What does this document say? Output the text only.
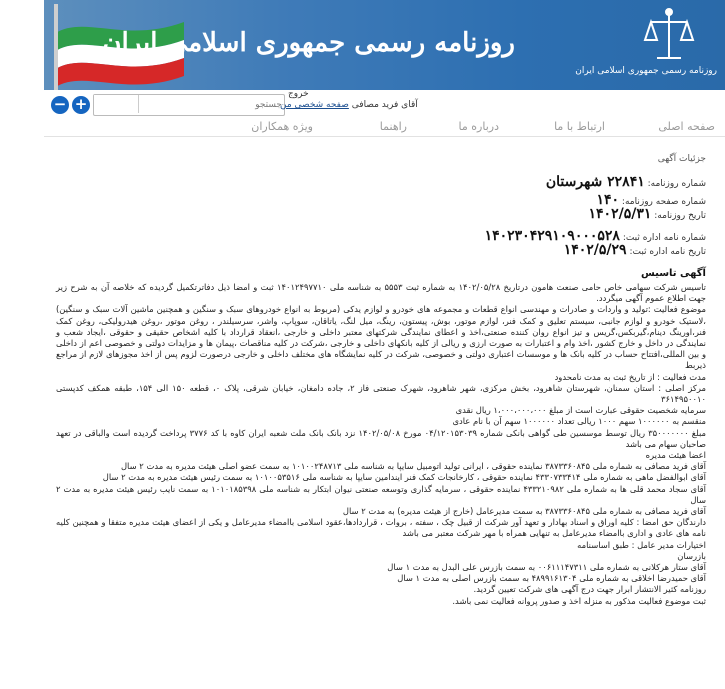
روزنامه رسمی جمهوری اسلامی ایران
روزنامه رسمی جمهوری اسلامی ایران
− +
جستجو
خروج
آقای فرید مصافی صفحه شخصی من
صفحه اصلی
ارتباط با ما
درباره ما
راهنما
ویژه همکاران
جزئیات آگهی
شماره روزنامه: ۲۲۸۴۱ شهرستان
شماره صفحه روزنامه: ۱۴۰
تاریخ روزنامه: ۱۴۰۲/۵/۳۱
شماره نامه اداره ثبت: ۱۴۰۲۳۰۴۲۹۱۰۹۰۰۰۵۲۸
تاریخ نامه اداره ثبت: ۱۴۰۲/۵/۲۹
آگهی تاسیس

تاسیس شرکت سهامی خاص حامی صنعت هامون درتاریخ ۱۴۰۲/۰۵/۲۸ به شماره ثبت ۵۵۵۳ به شناسه ملی ۱۴۰۱۲۴۹۷۷۱۰ ثبت و امضا ذیل دفاترتکمیل گردیده که خلاصه آن به شرح زیر جهت اطلاع عموم آگهی میگردد.

موضوع فعالیت :تولید و واردات و صادرات و مهندسی انواع قطعات و مجموعه های خودرو و لوازم یدکی (مربوط به انواع خودروهای سبک و سنگین و همچنین ماشین آلات سبک و سنگین) ،لاستیک خودرو و لوازم جانبی، سیستم تعلیق و کمک فنر، لوازم موتور، بوش، پیستون، رینگ، میل لنگ، یاتاقان، سوپاپ، واشر، سرسیلندر ، روغن موتور ،روغن هیدرولیکی، روغن کمک فنر،اورینگ دینام،گیربکس،گریس و تیز انواع روان کننده صنعتی،اخذ و اعطای نمایندگی شرکتهای معتبر داخلی و خارجی ،انعقاد قرارداد با کلیه اشخاص حقیقی و حقوقی ،ایجاد شعب و نمایندگی در داخل و خارج کشور ،اخذ وام و اعتبارات به صورت ارزی و ریالی از کلیه بانکهای داخلی و خارجی ،شرکت در کلیه مناقصات ،پیمان ها و مزایدات دولتی و خصوصی اعم از داخلی و بین المللی،افتتاح حساب در کلیه بانک ها و موسسات اعتباری دولتی و خصوصی، شرکت در کلیه نمایشگاه های مختلف داخلی و خارجی درصورت لزوم پس از اخذ مجوزهای لازم از مراجع ذیربط

مدت فعالیت : از تاریخ ثبت به مدت نامحدود

مرکز اصلی : استان سمنان، شهرستان شاهرود، بخش مرکزی، شهر شاهرود، شهرک صنعتی فاز ۲، جاده دامغان، خیابان شرقی، پلاک ۰، قطعه ۱۵۰ الی ۱۵۴، طبقه همکف کدپستی ۳۶۱۴۹۵۰۰۱۰

سرمایه شخصیت حقوقی عبارت است از مبلغ ۱،۰۰۰،۰۰۰،۰۰۰ ریال نقدی

منقسم به ۱۰۰۰۰۰۰ سهم ۱۰۰۰ ریالی تعداد ۱۰۰۰۰۰۰ سهم آن با نام عادی

مبلغ ۳۵۰۰۰۰۰۰۰ ریال توسط موسسین طی گواهی بانکی شماره ۰۴/۱۲۰۱۵۳۰۳۹ مورخ ۱۴۰۲/۰۵/۰۸ نزد بانک بانک ملت شعبه ایران کاوه با کد ۳۷۷۶ پرداخت گردیده است والباقی در تعهد صاحبان سهام می باشد

اعضا هیئت مدیره

آقای فرید مصافی به شماره ملی ۳۸۷۳۳۶۰۸۴۵ نماینده حقوقی ، ایرانی تولید اتومبیل سایپا به شناسه ملی ۱۰۱۰۰۲۴۸۷۱۳ به سمت عضو اصلی هیئت مدیره به مدت ۲ سال

آقای ابوالفضل ماهی به شماره ملی ۴۳۳۰۷۳۳۴۱۴ نماینده حقوقی ، کارخانجات کمک فنر ایندامین سایپا به شناسه ملی ۱۰۱۰۰۵۳۵۱۶ به سمت رئیس هیئت مدیره به مدت ۲ سال

آقای سجاد محمد قلی ها به شماره ملی ۴۳۳۲۱۰۹۸۲ نماینده حقوقی ، سرمایه گذاری وتوسعه صنعتی نیوان ابتکار به شناسه ملی ۱۰۱۰۱۸۵۳۹۸ به سمت نایب رئیس هیئت مدیره به مدت ۲ سال

آقای فرید مصافی به شماره ملی ۳۸۷۳۳۶۰۸۴۵ به سمت مدیرعامل (خارج از هیئت مدیره) به مدت ۲ سال

دارندگان حق امضا : کلیه اوراق و اسناد بهادار و تعهد آور شرکت از قبیل چک ، سفته ، بروات ، قراردادها،عقود اسلامی باامضاء مدیرعامل و یکی از اعضای هیئت مدیره متفقا و همچنین کلیه نامه های عادی و اداری باامضاء مدیرعامل به تنهایی همراه با مهر شرکت معتبر می باشد

اختیارات مدیر عامل : طبق اساسنامه

بازرسان

آقای ستار هرکلانی به شماره ملی ۰۰۶۱۱۱۴۷۳۱۱ به سمت بازرس علی البدل به مدت ۱ سال

آقای حمیدرضا اخلاقی به شماره ملی ۴۸۹۹۱۶۱۳۰۴ به سمت بازرس اصلی به مدت ۱ سال

روزنامه کثیر الانتشار ابرار جهت درج آگهی های شرکت تعیین گردید.

ثبت موضوع فعالیت مذکور به منزله اخذ و صدور پروانه فعالیت نمی باشد.
